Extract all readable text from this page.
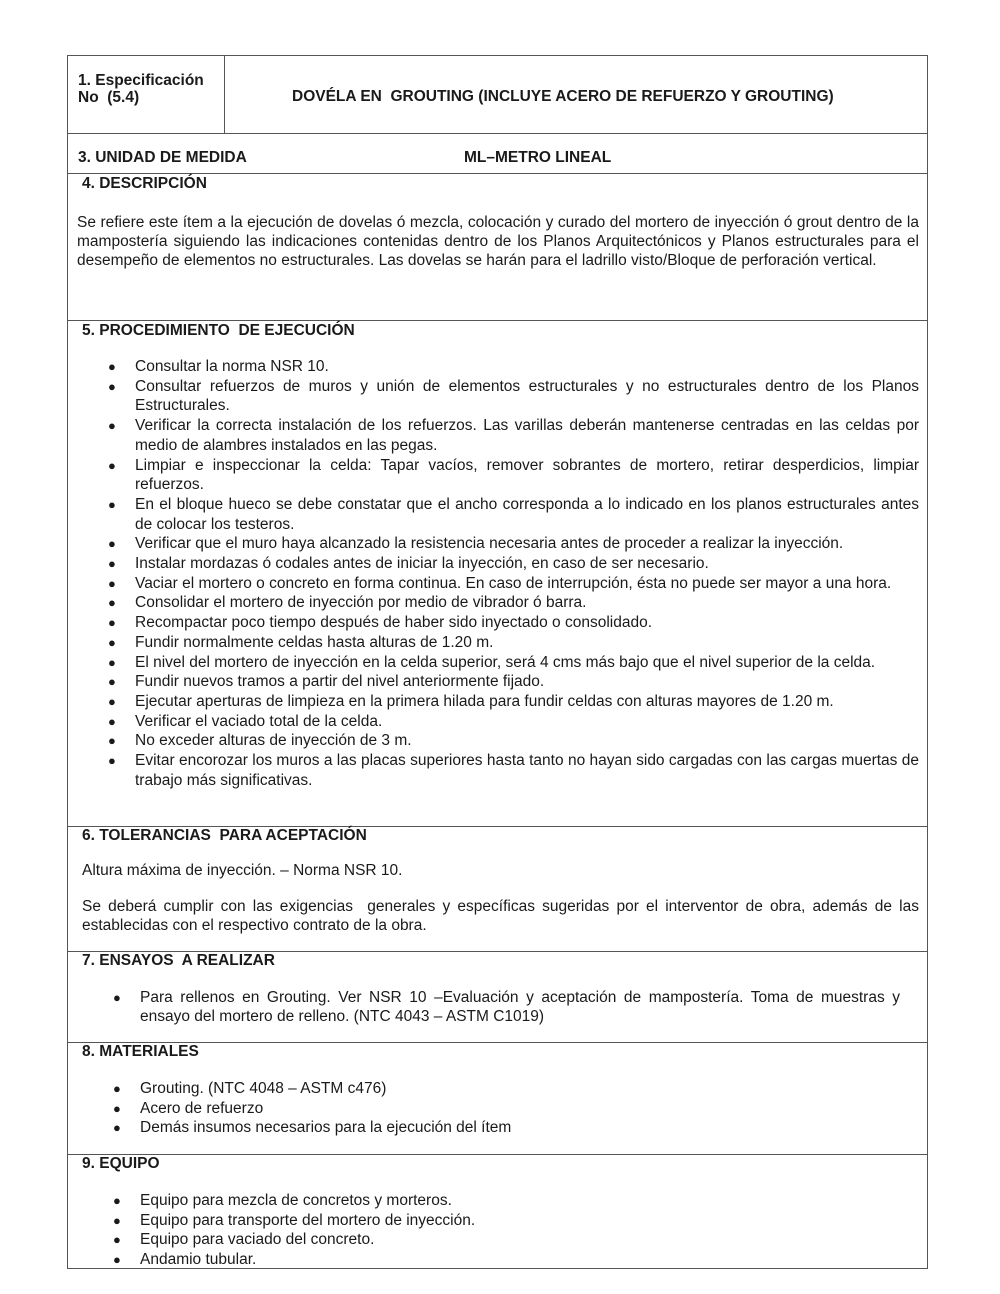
1. Especificación
No  (5.4)	DOVÉLA EN  GROUTING (INCLUYE ACERO DE REFUERZO Y GROUTING)
3. UNIDAD DE MEDIDA	ML–METRO LINEAL
4. DESCRIPCIÓN
Se refiere este ítem a la ejecución de dovelas ó mezcla, colocación y curado del mortero de inyección ó grout dentro de la mampostería siguiendo las indicaciones contenidas dentro de los Planos Arquitectónicos y Planos estructurales para el desempeño de elementos no estructurales. Las dovelas se harán para el ladrillo visto/Bloque de perforación vertical.
5. PROCEDIMIENTO  DE EJECUCIÓN
● Consultar la norma NSR 10.
● Consultar refuerzos de muros y unión de elementos estructurales y no estructurales dentro de los Planos Estructurales.
● Verificar la correcta instalación de los refuerzos. Las varillas deberán mantenerse centradas en las celdas por medio de alambres instalados en las pegas.
● Limpiar e inspeccionar la celda: Tapar vacíos, remover sobrantes de mortero, retirar desperdicios, limpiar refuerzos.
● En el bloque hueco se debe constatar que el ancho corresponda a lo indicado en los planos estructurales antes de colocar los testeros.
● Verificar que el muro haya alcanzado la resistencia necesaria antes de proceder a realizar la inyección.
● Instalar mordazas ó codales antes de iniciar la inyección, en caso de ser necesario.
● Vaciar el mortero o concreto en forma continua. En caso de interrupción, ésta no puede ser mayor a una hora.
● Consolidar el mortero de inyección por medio de vibrador ó barra.
● Recompactar poco tiempo después de haber sido inyectado o consolidado.
● Fundir normalmente celdas hasta alturas de 1.20 m.
● El nivel del mortero de inyección en la celda superior, será 4 cms más bajo que el nivel superior de la celda.
● Fundir nuevos tramos a partir del nivel anteriormente fijado.
● Ejecutar aperturas de limpieza en la primera hilada para fundir celdas con alturas mayores de 1.20 m.
● Verificar el vaciado total de la celda.
● No exceder alturas de inyección de 3 m.
● Evitar encorozar los muros a las placas superiores hasta tanto no hayan sido cargadas con las cargas muertas de trabajo más significativas.
6. TOLERANCIAS  PARA ACEPTACIÓN
Altura máxima de inyección. – Norma NSR 10.
Se deberá cumplir con las exigencias  generales y específicas sugeridas por el interventor de obra, además de las establecidas con el respectivo contrato de la obra.
7. ENSAYOS  A REALIZAR
● Para rellenos en Grouting. Ver NSR 10 –Evaluación y aceptación de mampostería. Toma de muestras y ensayo del mortero de relleno. (NTC 4043 – ASTM C1019)
8. MATERIALES
● Grouting. (NTC 4048 – ASTM c476)
● Acero de refuerzo
● Demás insumos necesarios para la ejecución del ítem
9. EQUIPO
● Equipo para mezcla de concretos y morteros.
● Equipo para transporte del mortero de inyección.
● Equipo para vaciado del concreto.
● Andamio tubular.
